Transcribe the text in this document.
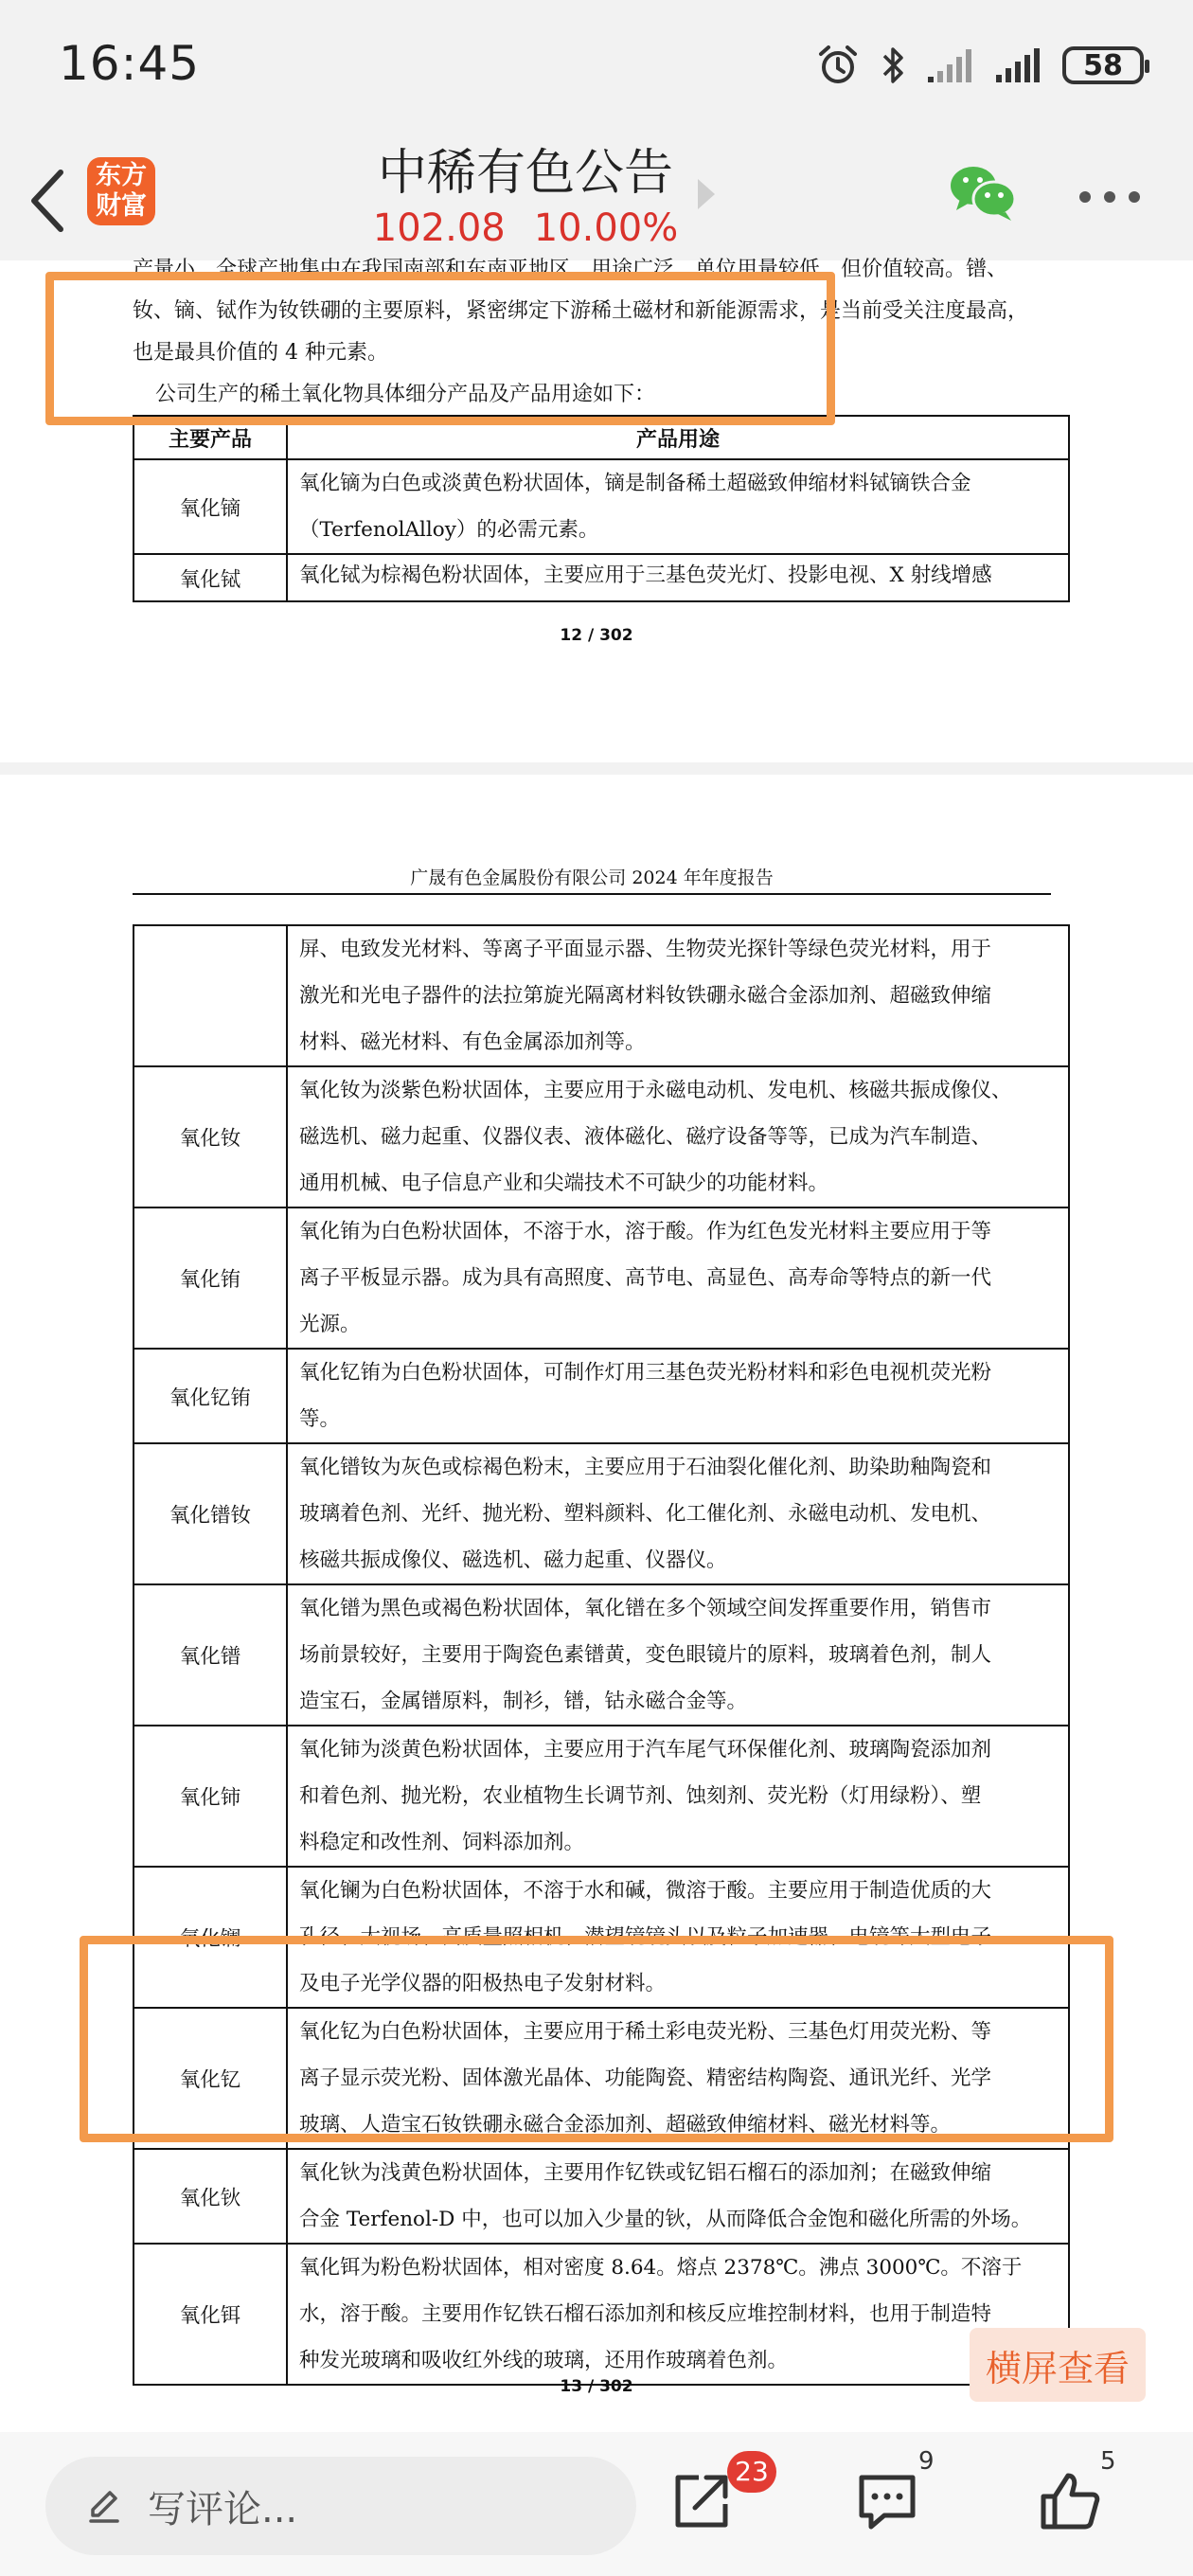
16:45	58
东方
财富
中稀有色公告
102.08 10.00%
产量小，全球产地集中在我国南部和东南亚地区，用途广泛，单位用量较低，但价值较高。镨、
钕、镝、铽作为钕铁硼的主要原料，紧密绑定下游稀土磁材和新能源需求，是当前受关注度最高，
也是最具价值的 4 种元素。
公司生产的稀土氧化物具体细分产品及产品用途如下：
主要产品	产品用途
氧化镝	氧化镝为白色或淡黄色粉状固体，镝是制备稀土超磁致伸缩材料铽镝铁合金
（TerfenolAlloy）的必需元素。

氧化铽	氧化铽为棕褐色粉状固体，主要应用于三基色荧光灯、投影电视、X 射线增感
12 / 302
广晟有色金属股份有限公司 2024 年年度报告

	屏、电致发光材料、等离子平面显示器、生物荧光探针等绿色荧光材料，用于
激光和光电子器件的法拉第旋光隔离材料钕铁硼永磁合金添加剂、超磁致伸缩
材料、磁光材料、有色金属添加剂等。

氧化钕	氧化钕为淡紫色粉状固体，主要应用于永磁电动机、发电机、核磁共振成像仪、
磁选机、磁力起重、仪器仪表、液体磁化、磁疗设备等等，已成为汽车制造、
通用机械、电子信息产业和尖端技术不可缺少的功能材料。

氧化铕	氧化铕为白色粉状固体，不溶于水，溶于酸。作为红色发光材料主要应用于等
离子平板显示器。成为具有高照度、高节电、高显色、高寿命等特点的新一代
光源。

氧化钇铕	氧化钇铕为白色粉状固体，可制作灯用三基色荧光粉材料和彩色电视机荧光粉
等。

氧化镨钕	氧化镨钕为灰色或棕褐色粉末，主要应用于石油裂化催化剂、助染助釉陶瓷和
玻璃着色剂、光纤、抛光粉、塑料颜料、化工催化剂、永磁电动机、发电机、
核磁共振成像仪、磁选机、磁力起重、仪器仪。

氧化镨	氧化镨为黑色或褐色粉状固体，氧化镨在多个领域空间发挥重要作用，销售市
场前景较好，主要用于陶瓷色素镨黄，变色眼镜片的原料，玻璃着色剂，制人
造宝石，金属镨原料，制衫，镨，钴永磁合金等。

氧化铈	氧化铈为淡黄色粉状固体，主要应用于汽车尾气环保催化剂、玻璃陶瓷添加剂
和着色剂、抛光粉，农业植物生长调节剂、蚀刻剂、荧光粉（灯用绿粉）、塑
料稳定和改性剂、饲料添加剂。

氧化镧	氧化镧为白色粉状固体，不溶于水和碱，微溶于酸。主要应用于制造优质的大
孔径、大视场、高质量照相机、潜望镜镜头以及粒子加速器、电镜等大型电子
及电子光学仪器的阳极热电子发射材料。

氧化钇	氧化钇为白色粉状固体，主要应用于稀土彩电荧光粉、三基色灯用荧光粉、等
离子显示荧光粉、固体激光晶体、功能陶瓷、精密结构陶瓷、通讯光纤、光学
玻璃、人造宝石钕铁硼永磁合金添加剂、超磁致伸缩材料、磁光材料等。

氧化钬	氧化钬为浅黄色粉状固体，主要用作钇铁或钇铝石榴石的添加剂；在磁致伸缩
合金 Terfenol-D 中，也可以加入少量的钬，从而降低合金饱和磁化所需的外场。

氧化铒	氧化铒为粉色粉状固体，相对密度 8.64。熔点 2378℃。沸点 3000℃。不溶于
水，溶于酸。主要用作钇铁石榴石添加剂和核反应堆控制材料，也用于制造特
种发光玻璃和吸收红外线的玻璃，还用作玻璃着色剂。
13 / 302	横屏查看
写评论...
23	9	5
